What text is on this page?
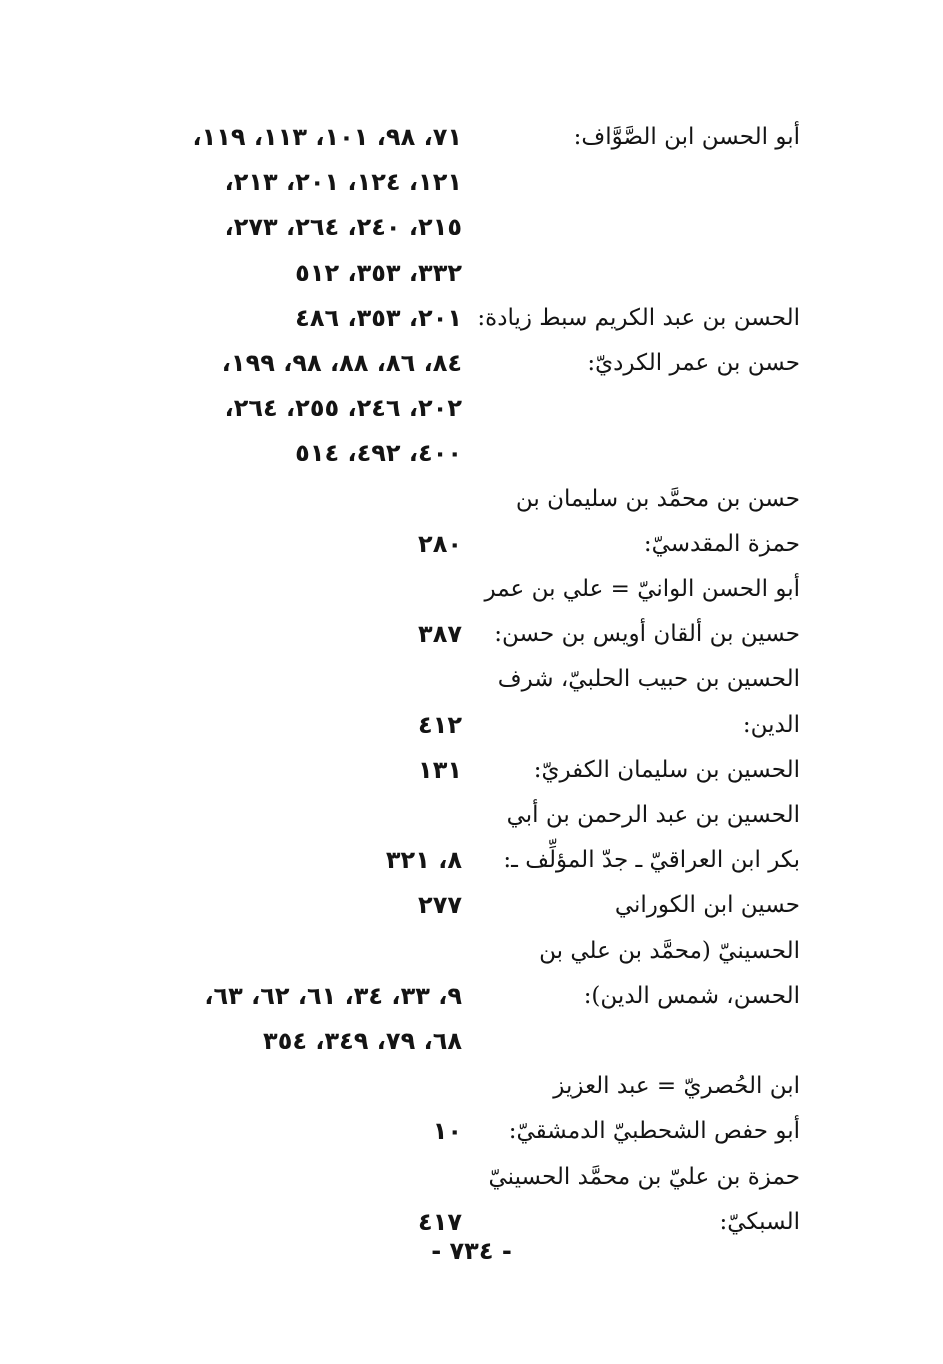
أبو الحسن ابن الصَّوَّاف:
٧١، ٩٨، ١٠١، ١١٣، ١١٩،
١٢١، ١٢٤، ٢٠١، ٢١٣،
٢١٥، ٢٤٠، ٢٦٤، ٢٧٣،
٣٣٢، ٣٥٣، ٥١٢
الحسن بن عبد الكريم سبط زيادة:
٢٠١، ٣٥٣، ٤٨٦
حسن بن عمر الكرديّ:
٨٤، ٨٦، ٨٨، ٩٨، ١٩٩،
٢٠٢، ٢٤٦، ٢٥٥، ٢٦٤،
٤٠٠، ٤٩٢، ٥١٤
حسن بن محمَّد بن سليمان بن
حمزة المقدسيّ:
٢٨٠
أبو الحسن الوانيّ = علي بن عمر
حسين بن ألقان أويس بن حسن:
٣٨٧
الحسين بن حبيب الحلبيّ، شرف
الدين:
٤١٢
الحسين بن سليمان الكفريّ:
١٣١
الحسين بن عبد الرحمن بن أبي
بكر ابن العراقيّ ـ جدّ المؤلِّف ـ:
٨، ٣٢١
حسين ابن الكوراني
٢٧٧
الحسينيّ (محمَّد بن علي بن
الحسن، شمس الدين):
٩، ٣٣، ٣٤، ٦١، ٦٢، ٦٣،
٦٨، ٧٩، ٣٤٩، ٣٥٤
ابن الحُصريّ = عبد العزيز
أبو حفص الشحطبيّ الدمشقيّ:
١٠
حمزة بن عليّ بن محمَّد الحسينيّ
السبكيّ:
٤١٧
- ٧٣٤ -
